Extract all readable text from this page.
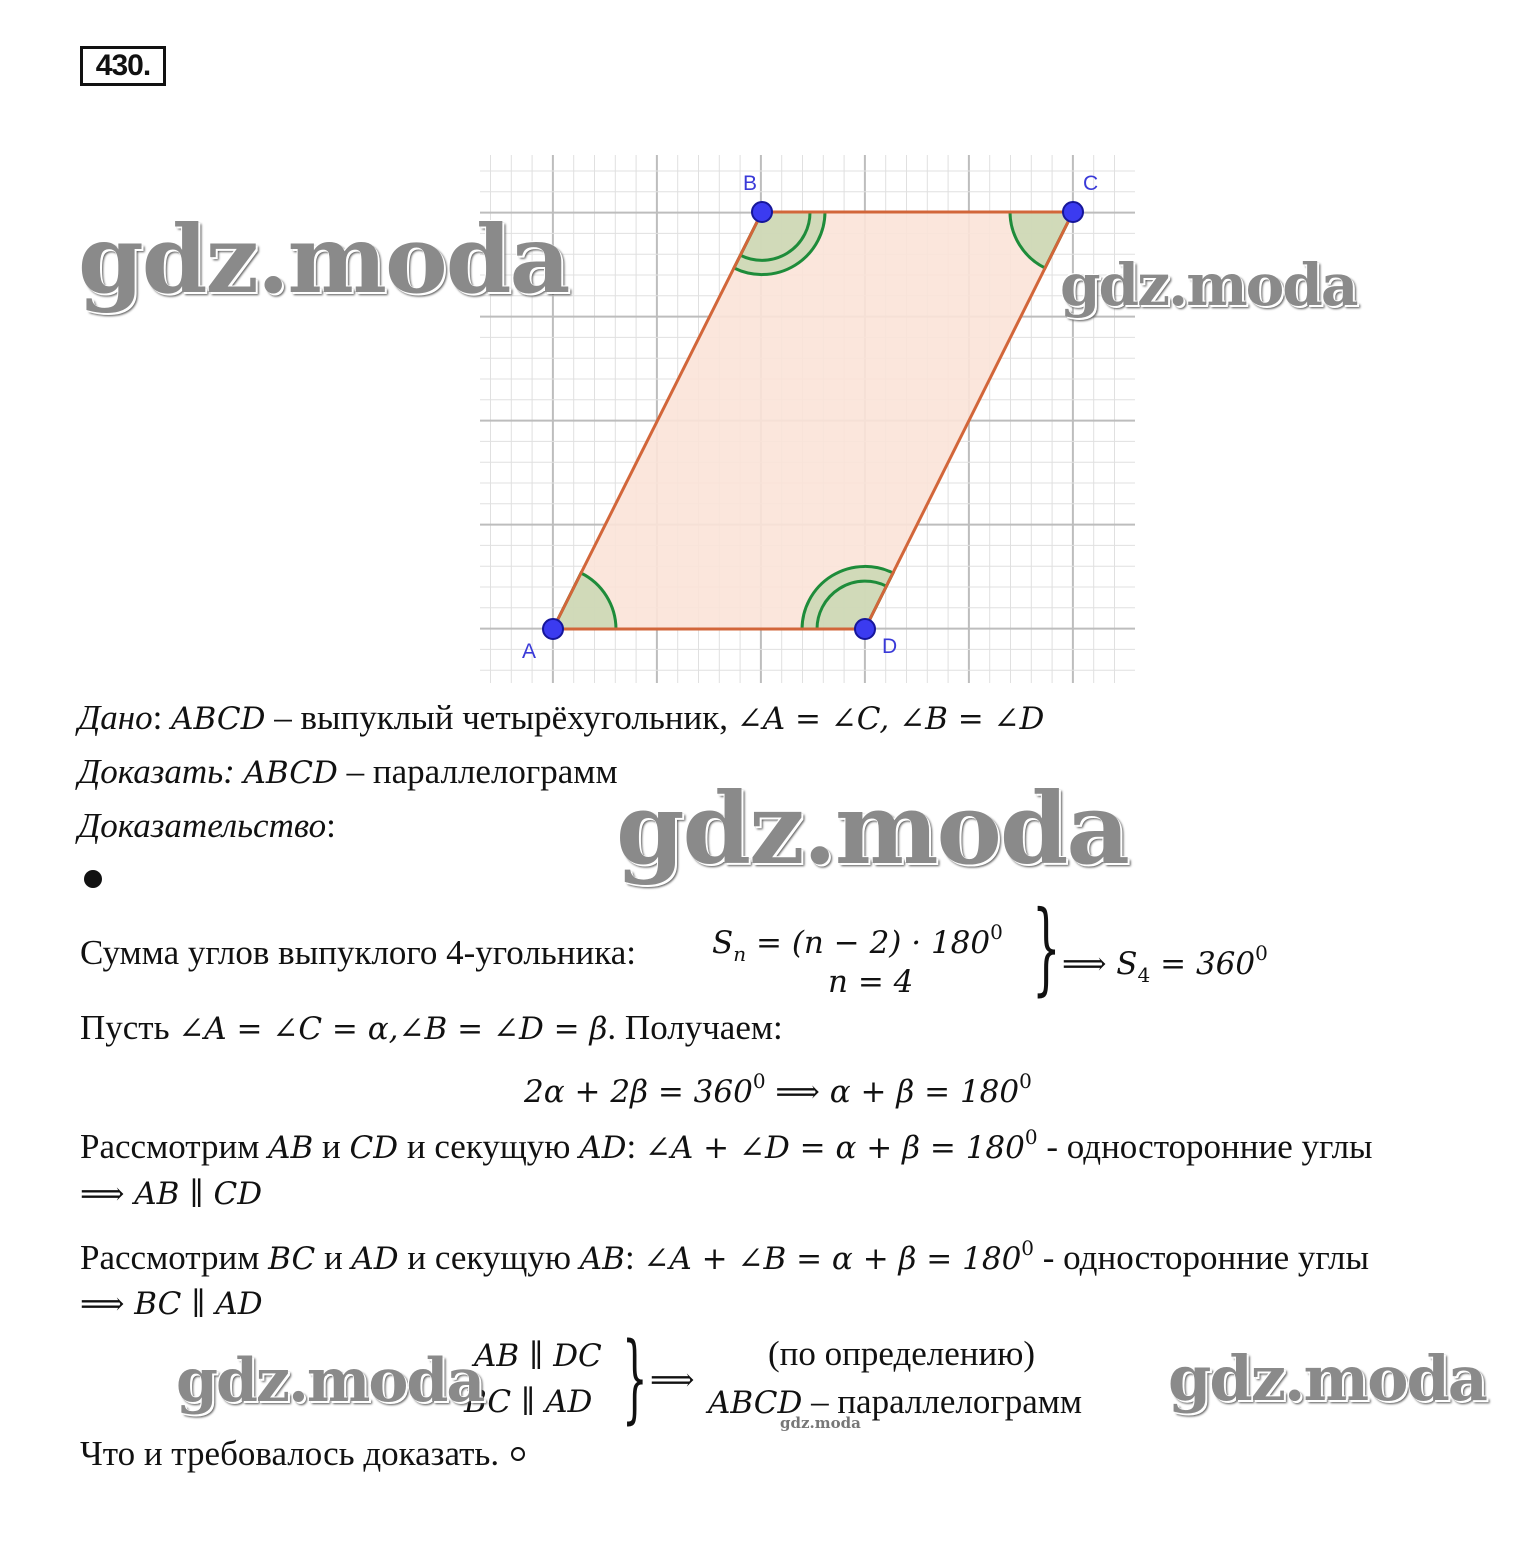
430.
A
B	C
D
Дано: ABCD – выпуклый четырёхугольник, ∠A = ∠C, ∠B = ∠D
Доказать: ABCD – параллелограмм
Доказательство:
Сумма углов выпуклого 4-угольника: $S_n = (n - 2) \cdot 180^0$
n = 4 } ⟹ $S_4 = 360^0$
Пусть ∠A = ∠C = α,∠B = ∠D = β. Получаем:
$2\alpha + 2\beta = 360^0$ ⟹ $\alpha + \beta = 180^0$
Рассмотрим AB и CD и секущую AD: ∠A + ∠D = $\alpha + \beta = 180^0$ - односторонние углы
⟹ AB ∥ CD
Рассмотрим BC и AD и секущую AB: ∠A + ∠B = $\alpha + \beta = 180^0$ - односторонние углы
⟹ BC ∥ AD
AB ∥ DC
BC ∥ AD } ⟹
(по определению)
ABCD – параллелограмм
Что и требовалось доказать.
gdz.moda	gdz.moda
gdz.moda
gdz.moda	gdz.moda
gdz.moda
